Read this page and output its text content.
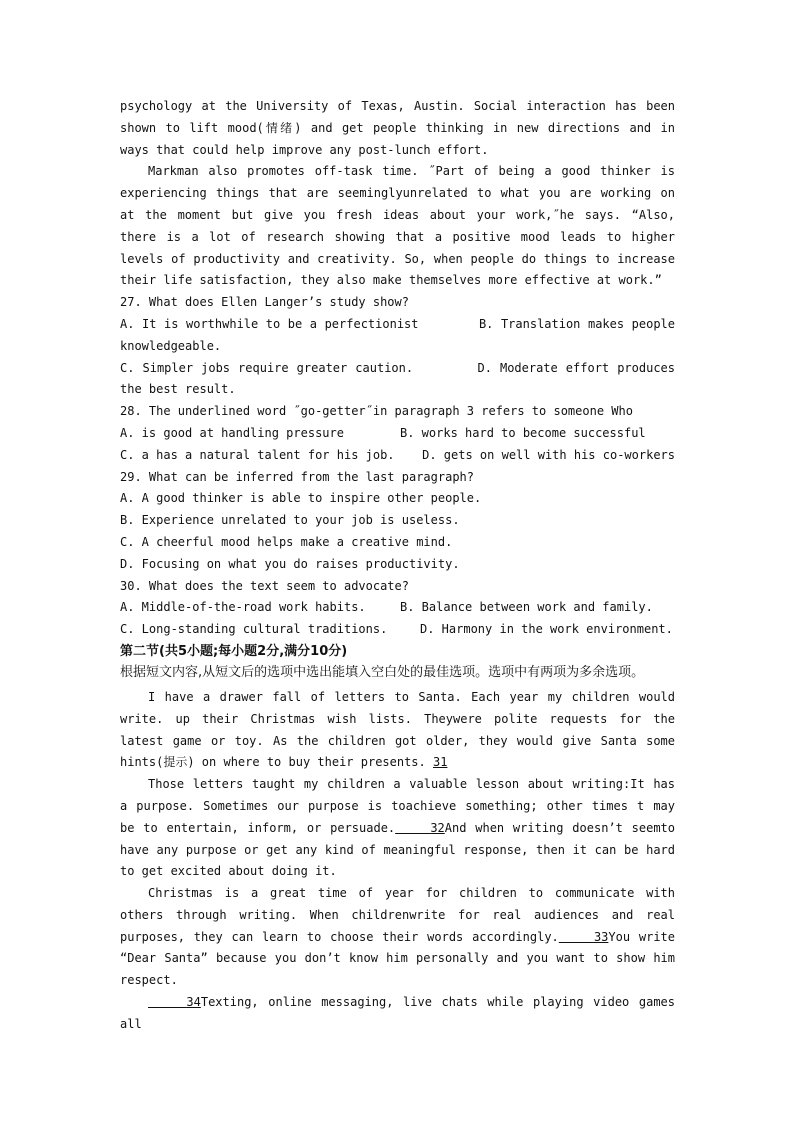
psychology at the University of Texas, Austin. Social interaction has been shown to lift mood(情绪) and get people thinking in new directions and in ways that could help improve any post-lunch effort.

Markman also promotes off-task time. ˝Part of being a good thinker is experiencing things that are seeminglyunrelated to what you are working on at the moment but give you fresh ideas about your work,˝he says. “Also, there is a lot of research showing that a positive mood leads to higher levels of productivity and creativity. So, when people do things to increase their life satisfaction, they also make themselves more effective at work.”

27. What does Ellen Langer’s study show?

A. It is worthwhile to be a perfectionist	B. Translation makes people knowledgeable.

C. Simpler jobs require greater caution.	D. Moderate effort produces the best result.

28. The underlined word ˝go-getter˝in paragraph 3 refers to someone Who

A. is good at handling pressure	B. works hard to become successful
C. a has a natural talent for his job.	D. gets on well with his co-workers

29. What can be inferred from the last paragraph?

A. A good thinker is able to inspire other people.

B. Experience unrelated to your job is useless.

C. A cheerful mood helps make a creative mind.

D. Focusing on what you do raises productivity.

30. What does the text seem to advocate?

A. Middle-of-the-road work habits.	B. Balance between work and family.
C. Long-standing cultural traditions.	D. Harmony in the work environment.

第二节(共5小题;每小题2分,满分10分)

根据短文内容,从短文后的选项中选出能填入空白处的最佳选项。选项中有两项为多余选项。

I have a drawer fall of letters to Santa. Each year my children would write. up their Christmas wish lists. Theywere polite requests for the latest game or toy. As the children got older, they would give Santa some hints(提示) on where to buy their presents. 31

Those letters taught my children a valuable lesson about writing:It has a purpose. Sometimes our purpose is toachieve something; other times t may be to entertain, inform, or persuade.	32And when writing doesn’t seemto have any purpose or get any kind of meaningful response, then it can be hard to get excited about doing it.

Christmas is a great time of year for children to communicate with others through writing. When childrenwrite for real audiences and real purposes, they can learn to choose their words accordingly.	33You write “Dear Santa” because you don’t know him personally and you want to show him respect.

34Texting, online messaging, live chats while playing video games all
